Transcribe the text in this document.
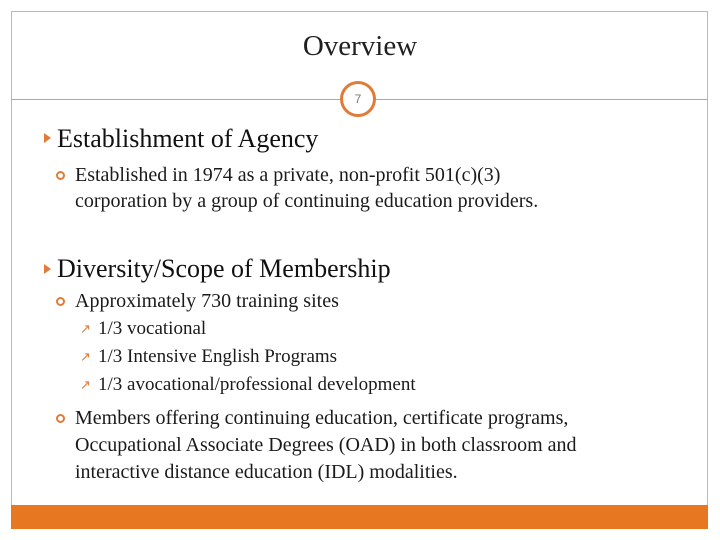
Overview
7
Establishment of Agency
Established in 1974 as a private, non-profit 501(c)(3)
corporation by a group of continuing education providers.
Diversity/Scope of Membership
Approximately 730 training sites
↗ 1/3 vocational
↗ 1/3 Intensive English Programs
↗ 1/3 avocational/professional development
Members offering continuing education, certificate programs,
Occupational Associate Degrees (OAD) in both classroom and
interactive distance education (IDL) modalities.
